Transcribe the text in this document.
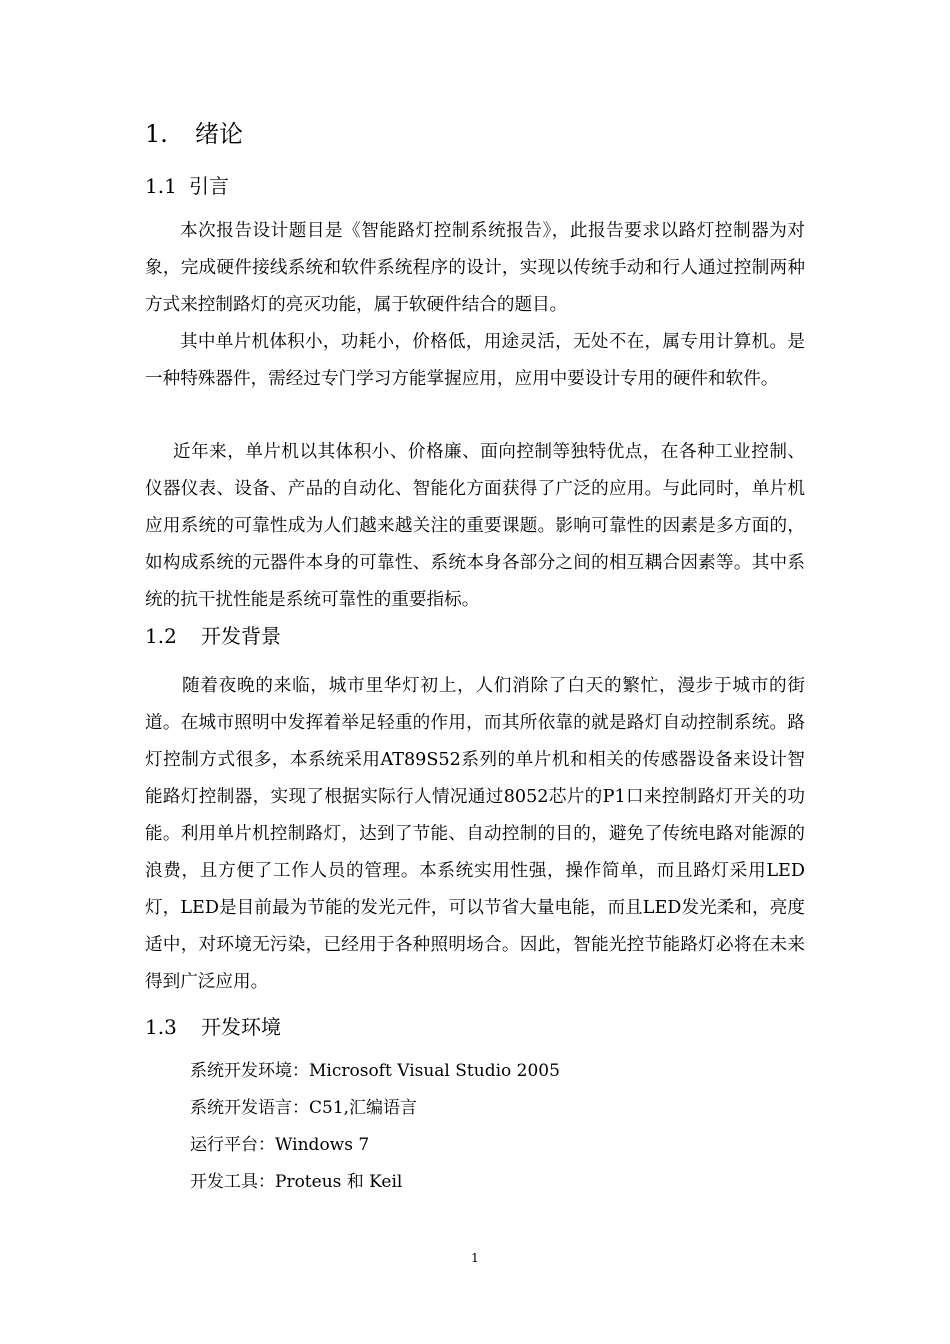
1. 绪论
1.1 引言

本次报告设计题目是《智能路灯控制系统报告》，此报告要求以路灯控制器为对象，完成硬件接线系统和软件系统程序的设计，实现以传统手动和行人通过控制两种方式来控制路灯的亮灭功能，属于软硬件结合的题目。

其中单片机体积小，功耗小，价格低，用途灵活，无处不在，属专用计算机。是一种特殊器件，需经过专门学习方能掌握应用，应用中要设计专用的硬件和软件。

近年来，单片机以其体积小、价格廉、面向控制等独特优点，在各种工业控制、仪器仪表、设备、产品的自动化、智能化方面获得了广泛的应用。与此同时，单片机应用系统的可靠性成为人们越来越关注的重要课题。影响可靠性的因素是多方面的，如构成系统的元器件本身的可靠性、系统本身各部分之间的相互耦合因素等。其中系统的抗干扰性能是系统可靠性的重要指标。

1.2 开发背景

随着夜晚的来临，城市里华灯初上，人们消除了白天的繁忙，漫步于城市的街道。在城市照明中发挥着举足轻重的作用，而其所依靠的就是路灯自动控制系统。路灯控制方式很多，本系统采用AT89S52系列的单片机和相关的传感器设备来设计智能路灯控制器，实现了根据实际行人情况通过8052芯片的P1口来控制路灯开关的功能。利用单片机控制路灯，达到了节能、自动控制的目的，避免了传统电路对能源的浪费，且方便了工作人员的管理。本系统实用性强，操作简单，而且路灯采用LED灯，LED是目前最为节能的发光元件，可以节省大量电能，而且LED发光柔和，亮度适中，对环境无污染，已经用于各种照明场合。因此，智能光控节能路灯必将在未来得到广泛应用。

1.3 开发环境

系统开发环境：Microsoft Visual Studio 2005

系统开发语言：C51,汇编语言

运行平台：Windows 7

开发工具：Proteus 和 Keil

1
